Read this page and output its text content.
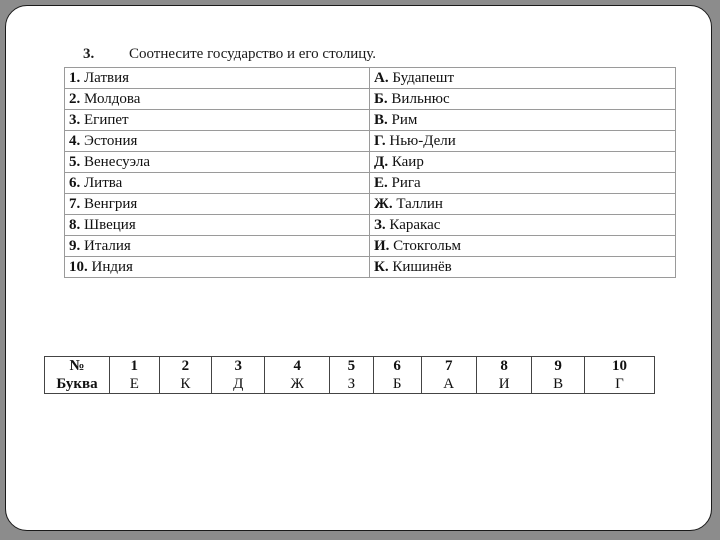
3. Соотнесите государство и его столицу.
1. Латвия	А. Будапешт
2. Молдова	Б. Вильнюс
3. Египет	В. Рим
4. Эстония	Г. Нью-Дели
5. Венесуэла	Д. Каир
6. Литва	Е. Рига
7. Венгрия	Ж. Таллин
8. Швеция	З. Каракас
9. Италия	И. Стокгольм
10. Индия	К. Кишинёв
№	1	2	3	4	5	6	7	8	9	10
Буква	Е	К	Д	Ж	З	Б	А	И	В	Г
